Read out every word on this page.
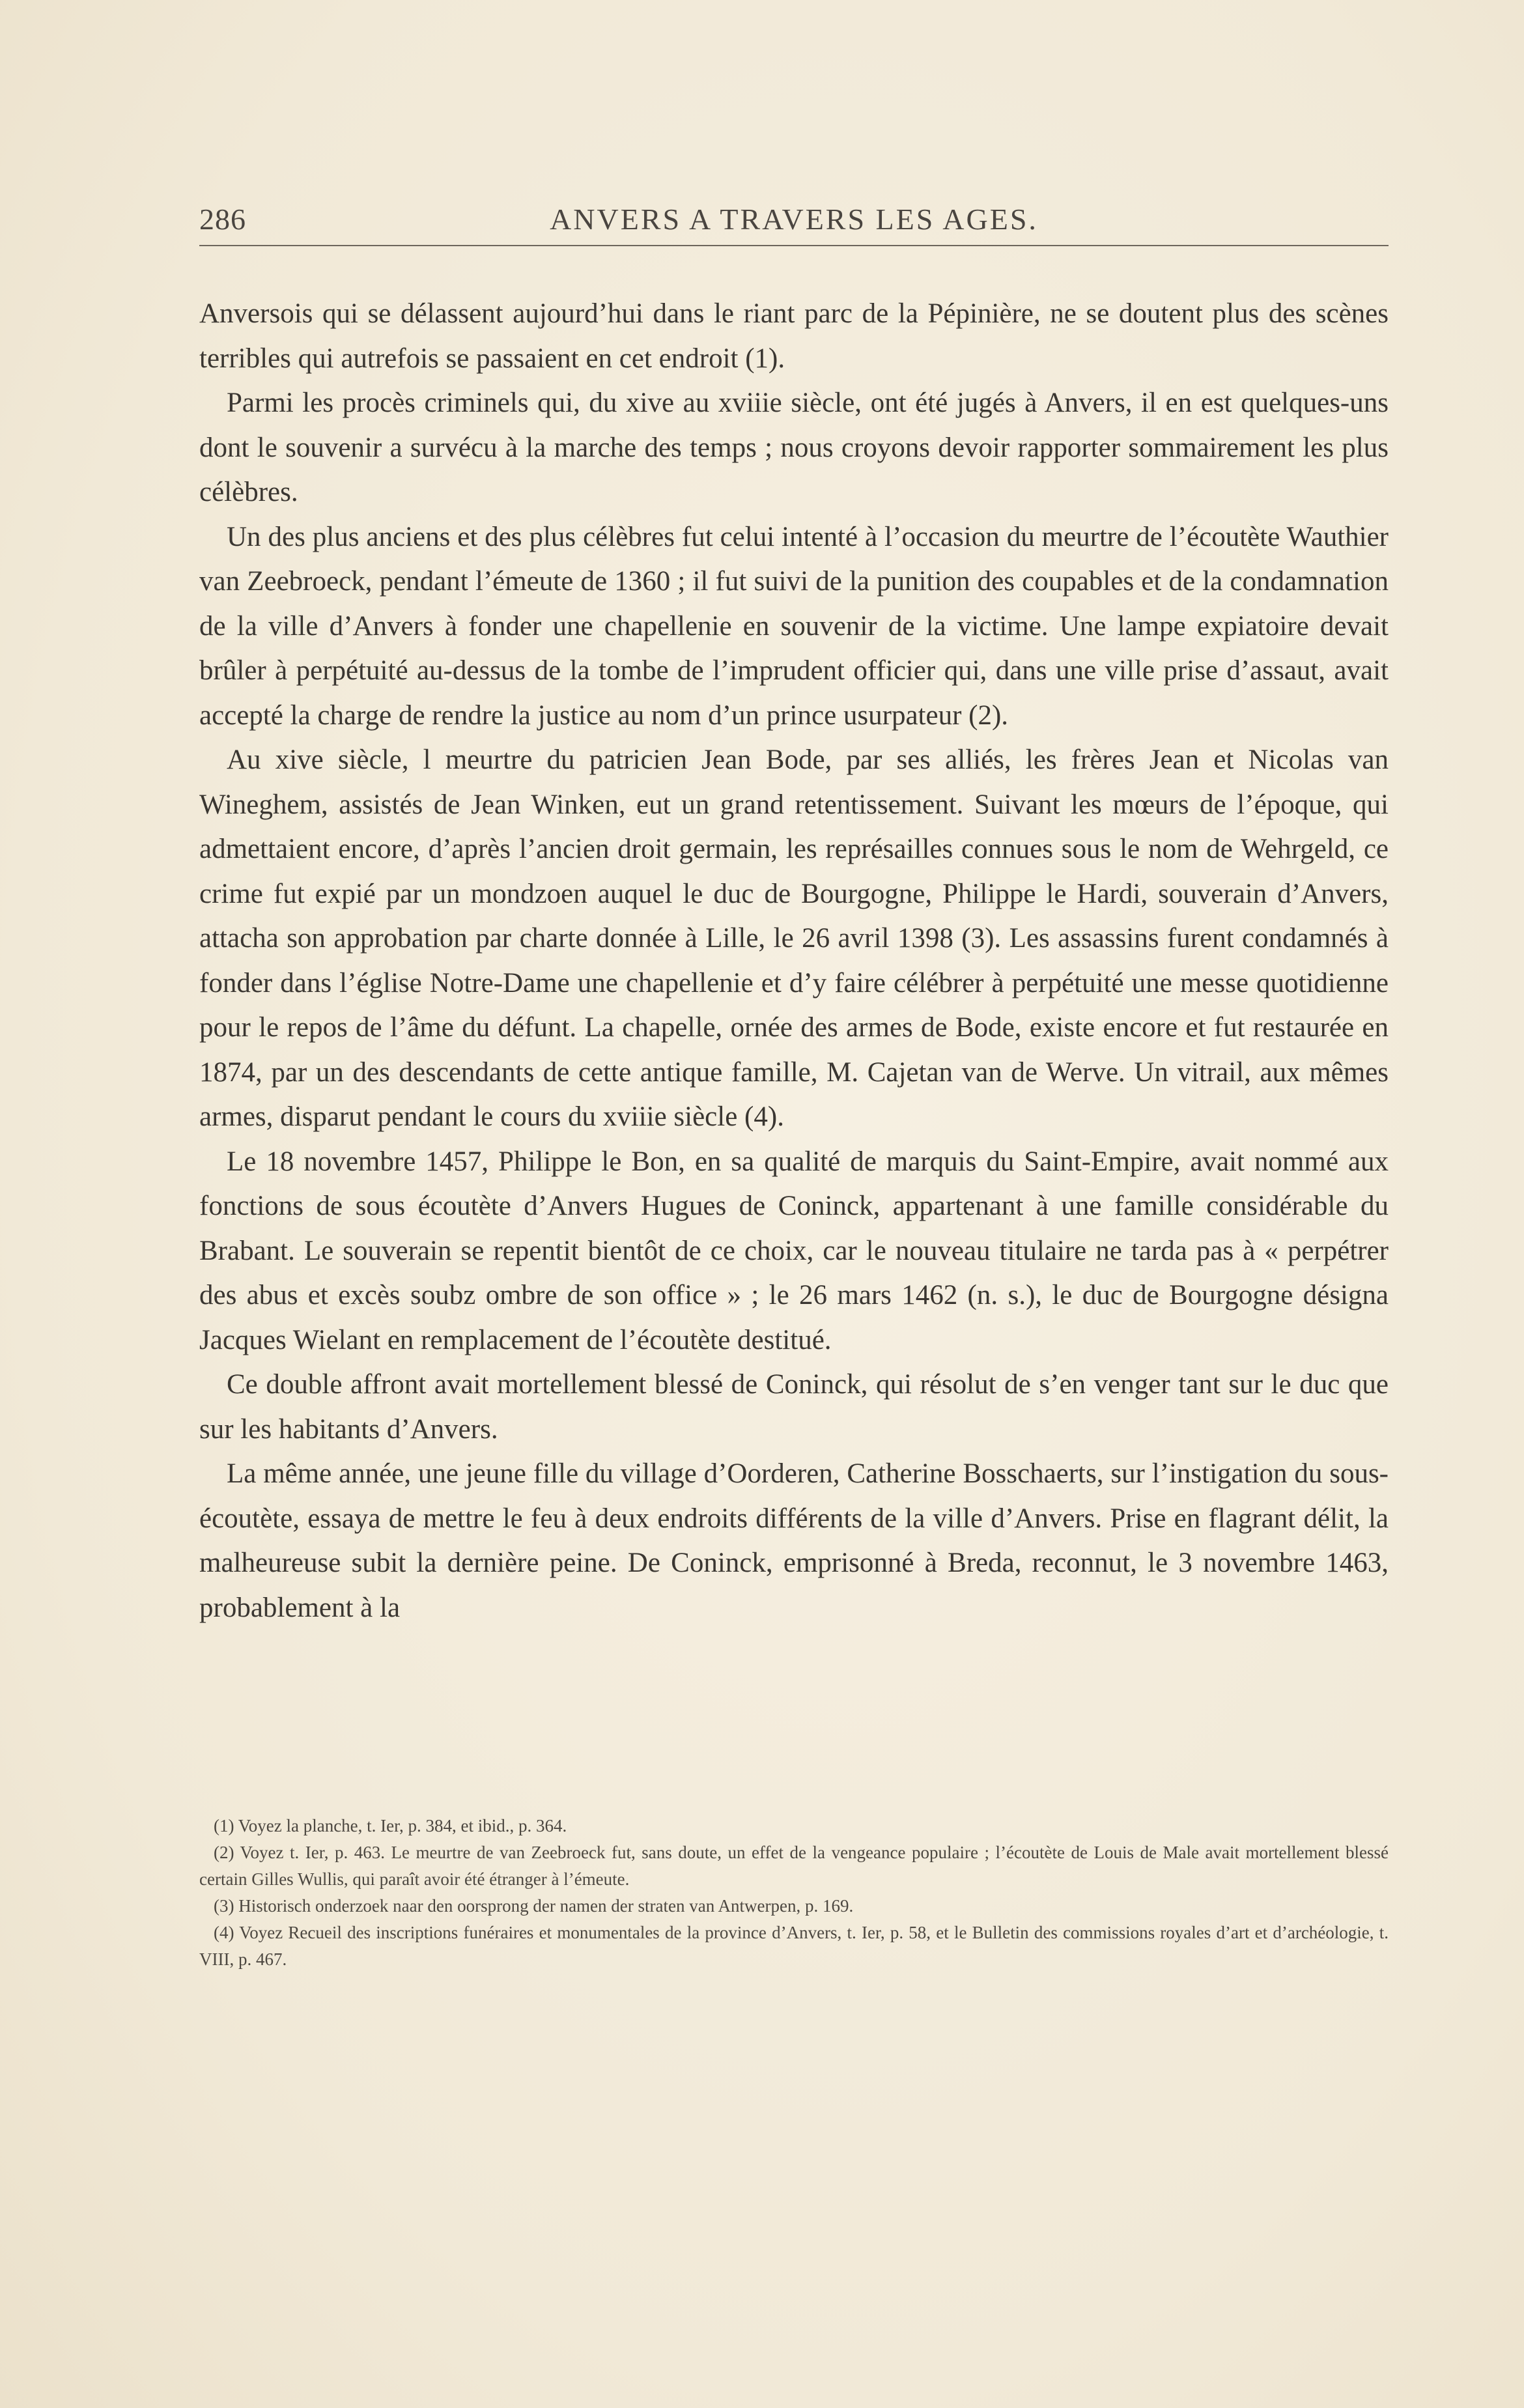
286	ANVERS A TRAVERS LES AGES.

Anversois qui se délassent aujourd’hui dans le riant parc de la Pépinière, ne se doutent plus des scènes terribles qui autrefois se passaient en cet endroit (1).

Parmi les procès criminels qui, du xive au xviiie siècle, ont été jugés à Anvers, il en est quelques-uns dont le souvenir a survécu à la marche des temps ; nous croyons devoir rapporter sommairement les plus célèbres.

Un des plus anciens et des plus célèbres fut celui intenté à l’occasion du meurtre de l’écoutète Wauthier van Zeebroeck, pendant l’émeute de 1360 ; il fut suivi de la punition des coupables et de la condamnation de la ville d’Anvers à fonder une chapellenie en souvenir de la victime. Une lampe expiatoire devait brûler à perpétuité au-dessus de la tombe de l’imprudent officier qui, dans une ville prise d’assaut, avait accepté la charge de rendre la justice au nom d’un prince usurpateur (2).

Au xive siècle, l meurtre du patricien Jean Bode, par ses alliés, les frères Jean et Nicolas van Wineghem, assistés de Jean Winken, eut un grand retentissement. Suivant les mœurs de l’époque, qui admettaient encore, d’après l’ancien droit germain, les représailles connues sous le nom de Wehrgeld, ce crime fut expié par un mondzoen auquel le duc de Bourgogne, Philippe le Hardi, souverain d’Anvers, attacha son approbation par charte donnée à Lille, le 26 avril 1398 (3). Les assassins furent condamnés à fonder dans l’église Notre-Dame une chapellenie et d’y faire célébrer à perpétuité une messe quotidienne pour le repos de l’âme du défunt. La chapelle, ornée des armes de Bode, existe encore et fut restaurée en 1874, par un des descendants de cette antique famille, M. Cajetan van de Werve. Un vitrail, aux mêmes armes, disparut pendant le cours du xviiie siècle (4).

Le 18 novembre 1457, Philippe le Bon, en sa qualité de marquis du Saint-Empire, avait nommé aux fonctions de sous écoutète d’Anvers Hugues de Coninck, appartenant à une famille considérable du Brabant. Le souverain se repentit bientôt de ce choix, car le nouveau titulaire ne tarda pas à « perpétrer des abus et excès soubz ombre de son office » ; le 26 mars 1462 (n. s.), le duc de Bourgogne désigna Jacques Wielant en remplacement de l’écoutète destitué.

Ce double affront avait mortellement blessé de Coninck, qui résolut de s’en venger tant sur le duc que sur les habitants d’Anvers.

La même année, une jeune fille du village d’Oorderen, Catherine Bosschaerts, sur l’instigation du sous-écoutète, essaya de mettre le feu à deux endroits différents de la ville d’Anvers. Prise en flagrant délit, la malheureuse subit la dernière peine. De Coninck, emprisonné à Breda, reconnut, le 3 novembre 1463, probablement à la

(1) Voyez la planche, t. Ier, p. 384, et ibid., p. 364.

(2) Voyez t. Ier, p. 463. Le meurtre de van Zeebroeck fut, sans doute, un effet de la vengeance populaire ; l’écoutète de Louis de Male avait mortellement blessé certain Gilles Wullis, qui paraît avoir été étranger à l’émeute.

(3) Historisch onderzoek naar den oorsprong der namen der straten van Antwerpen, p. 169.

(4) Voyez Recueil des inscriptions funéraires et monumentales de la province d’Anvers, t. Ier, p. 58, et le Bulletin des commissions royales d’art et d’archéologie, t. VIII, p. 467.
